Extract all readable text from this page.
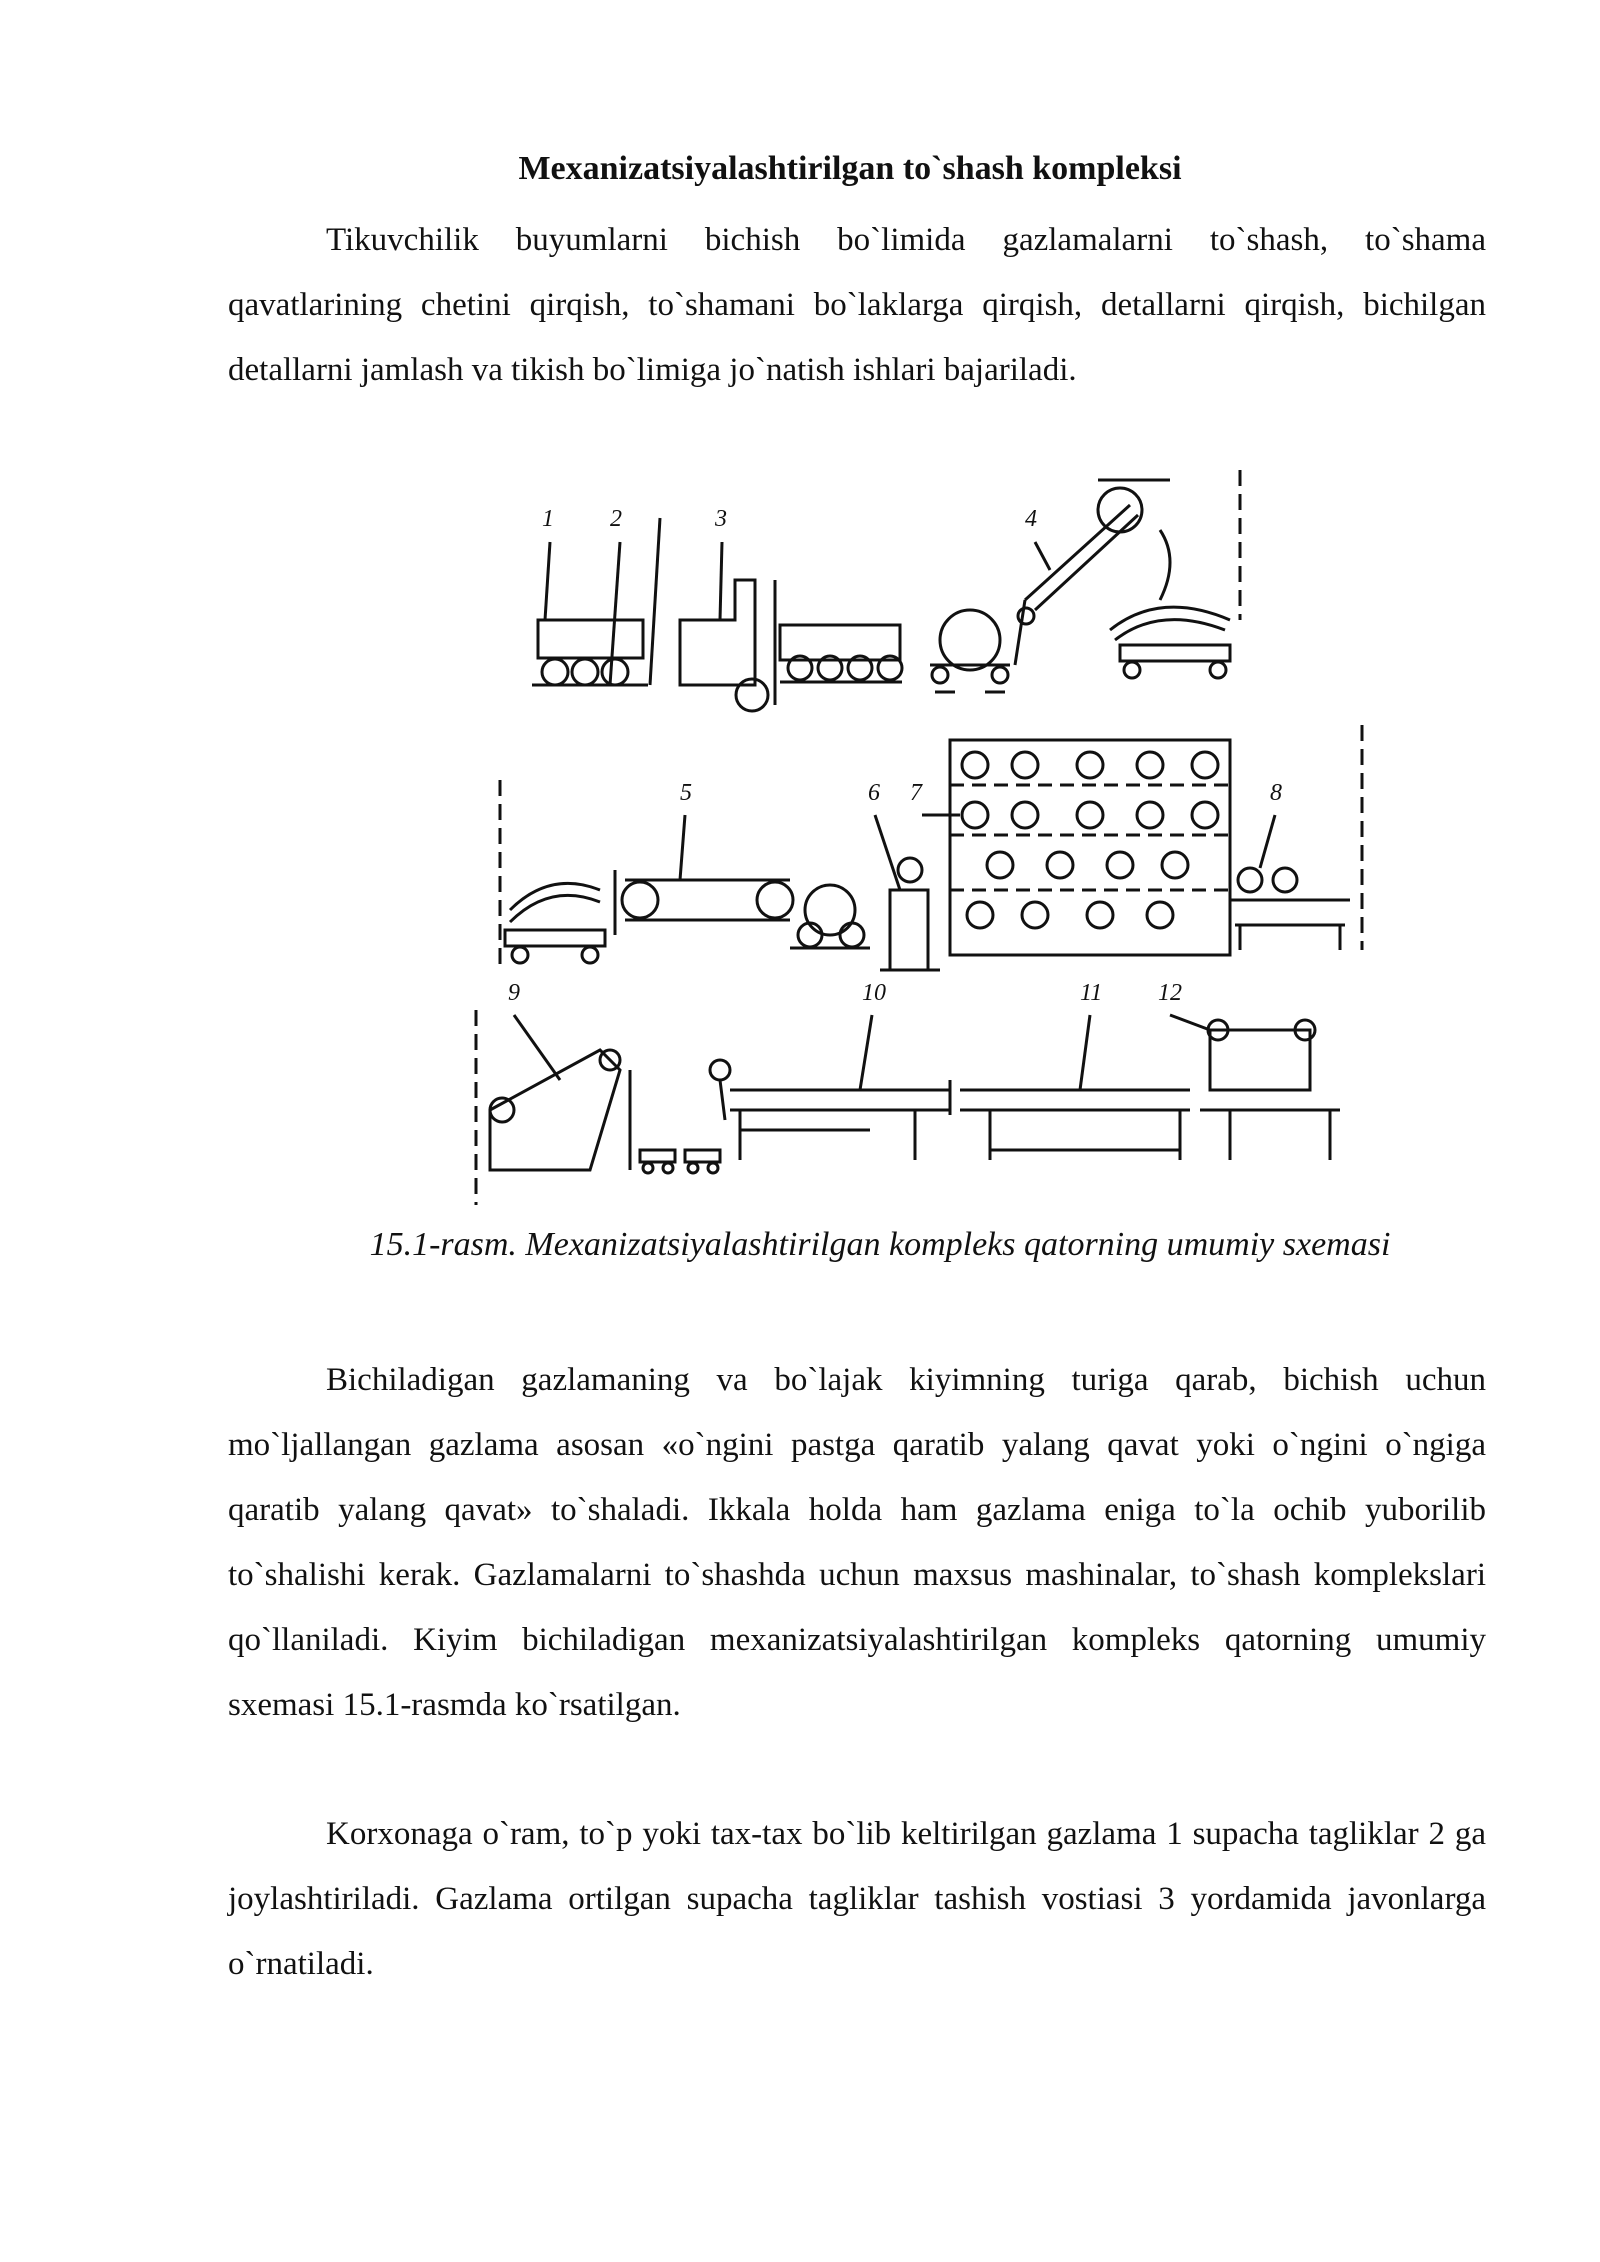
Mexanizatsiyalashtirilgan to`shash kompleksi

Tikuvchilik buyumlarni bichish bo`limida gazlamalarni to`shash, to`shama qavatlarining chetini qirqish, to`shamani bo`laklarga qirqish, detallarni qirqish, bichilgan detallarni jamlash va tikish bo`limiga jo`natish ishlari bajariladi.

1 2	3	4
5	6 7	8
9	10	11 12
15.1-rasm. Mexanizatsiyalashtirilgan kompleks qatorning umumiy sxemasi

Bichiladigan gazlamaning va bo`lajak kiyimning turiga qarab, bichish uchun mo`ljallangan gazlama asosan «o`ngini pastga qaratib yalang qavat yoki o`ngini o`ngiga qaratib yalang qavat» to`shaladi. Ikkala holda ham gazlama eniga to`la ochib yuborilib to`shalishi kerak. Gazlamalarni to`shashda uchun maxsus mashinalar, to`shash komplekslari qo`llaniladi. Kiyim bichiladigan mexanizatsiyalashtirilgan kompleks qatorning umumiy sxemasi 15.1-rasmda ko`rsatilgan.

Korxonaga o`ram, to`p yoki tax-tax bo`lib keltirilgan gazlama 1 supacha tagliklar 2 ga joylashtiriladi. Gazlama ortilgan supacha tagliklar tashish vostiasi 3 yordamida javonlarga o`rnatiladi.
